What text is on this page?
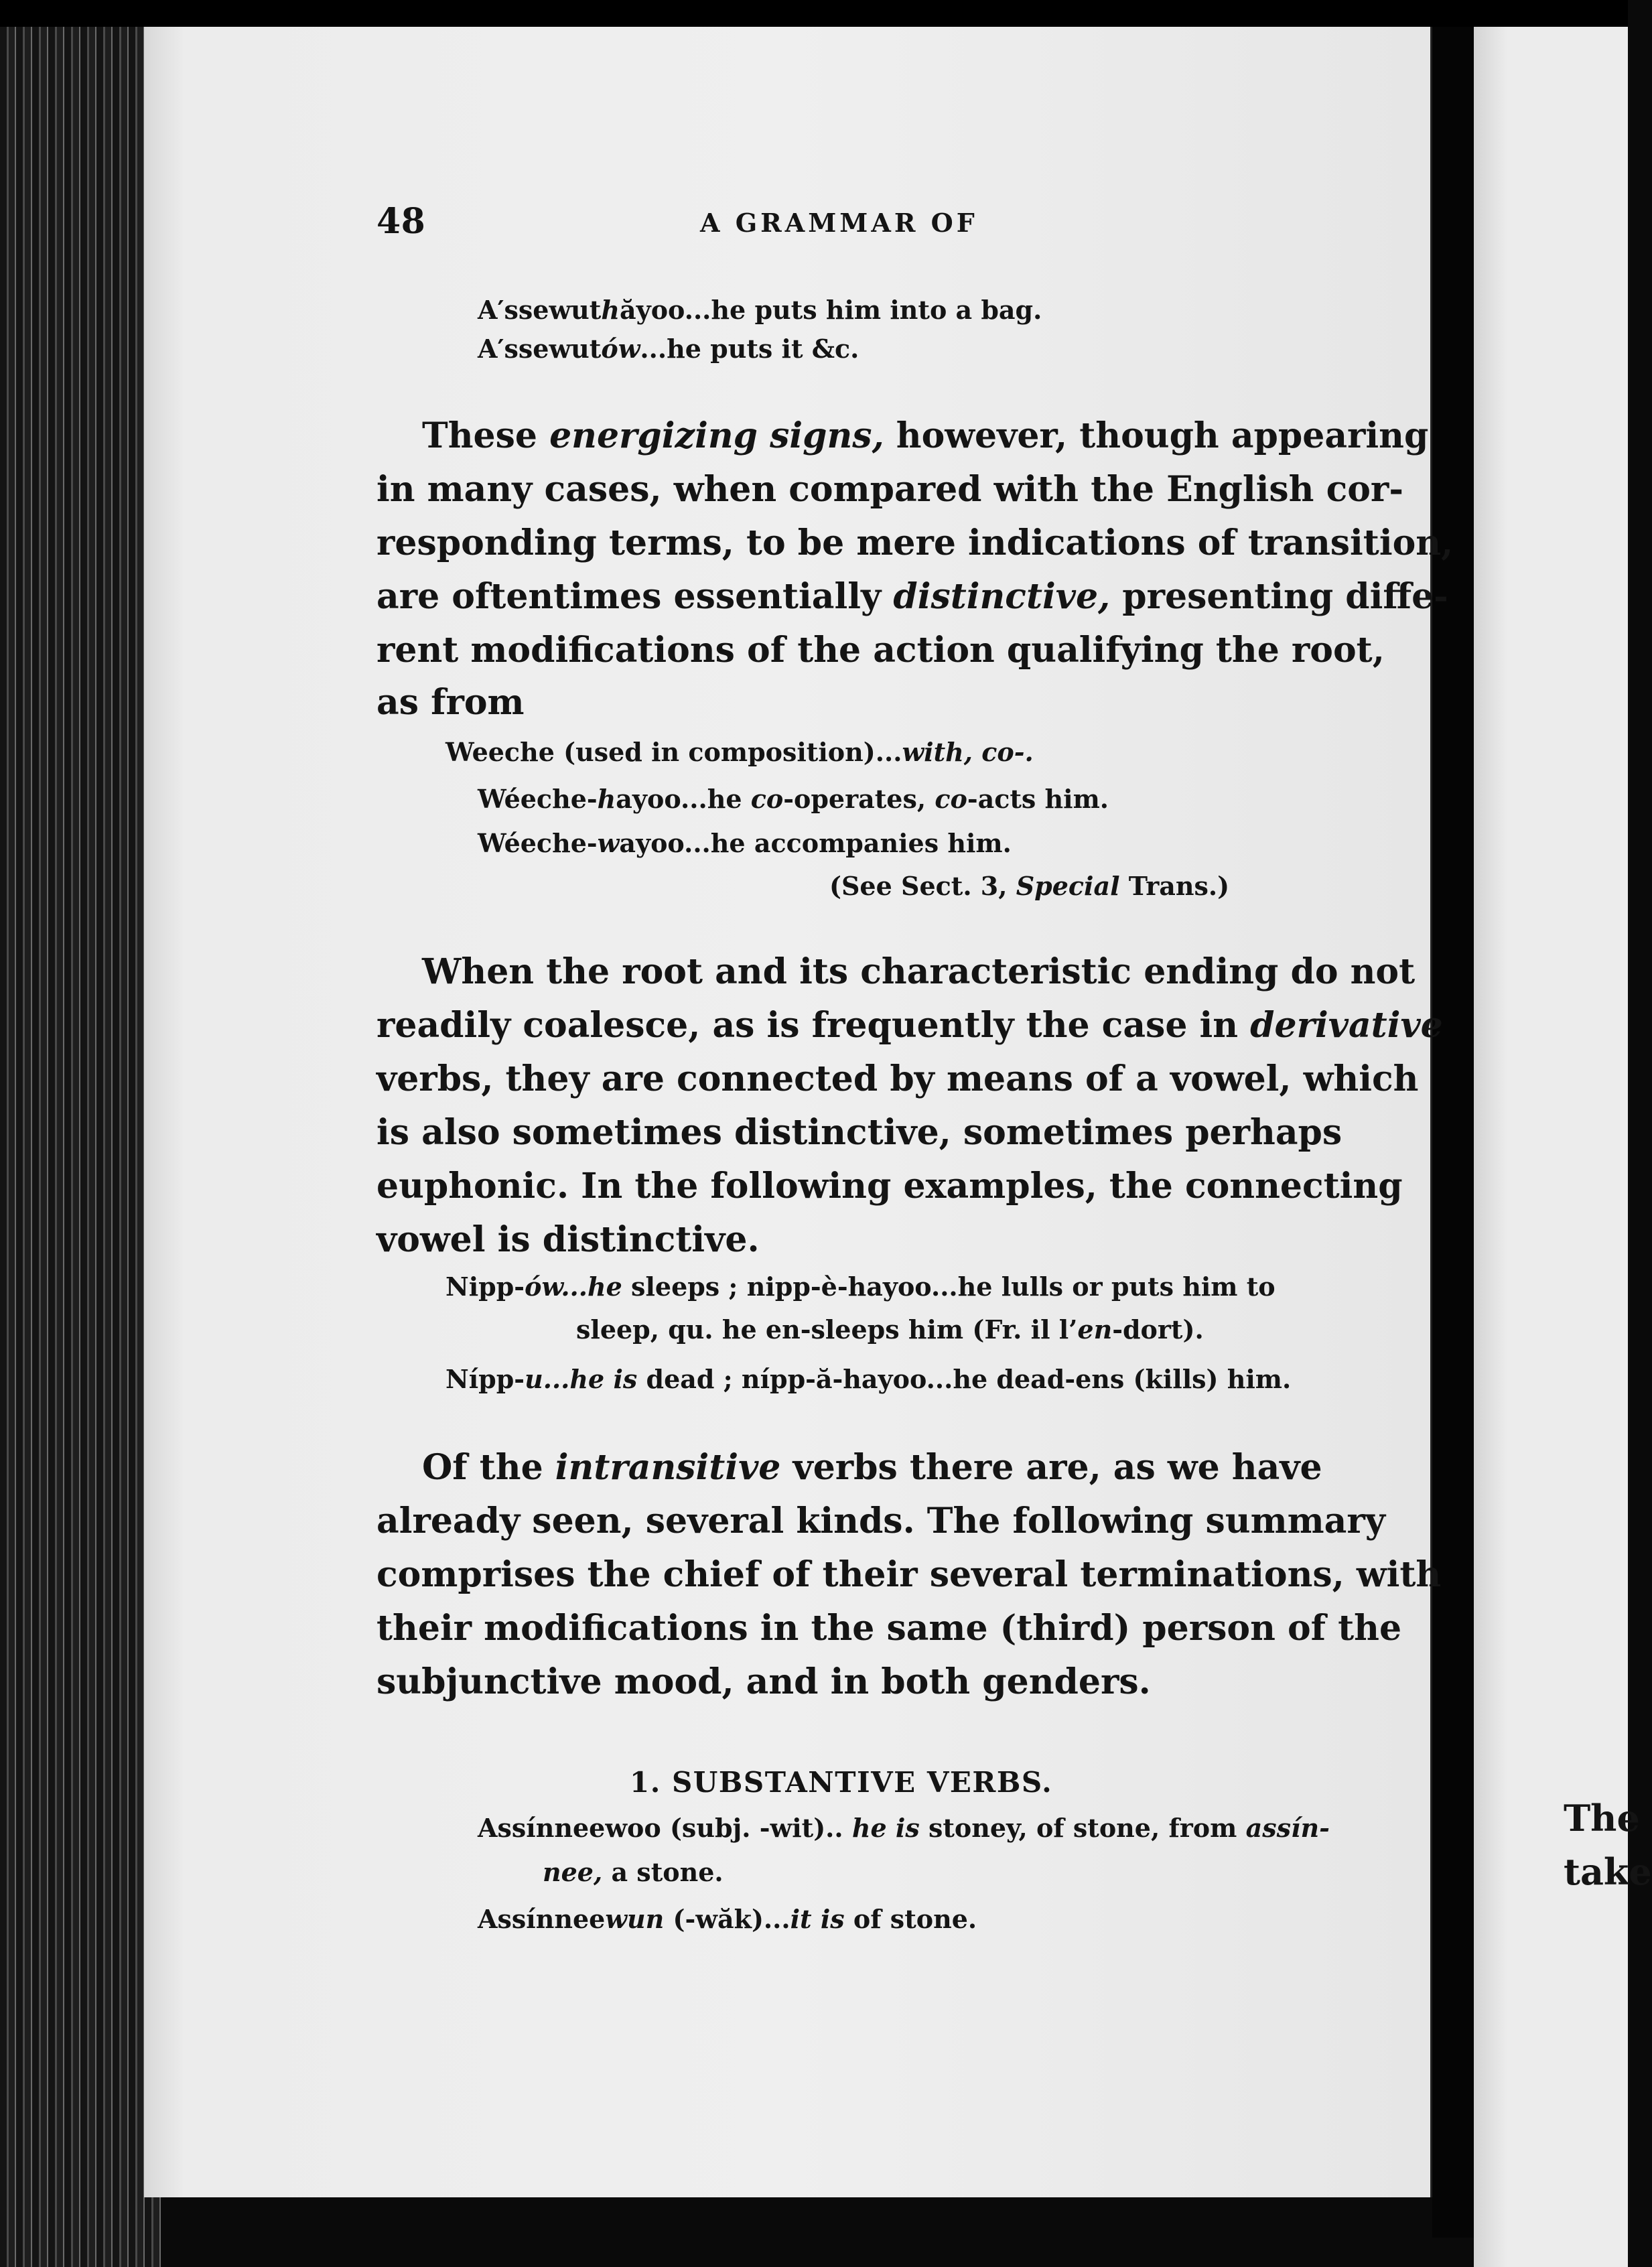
48	A GRAMMAR OF

A′ssewuthăyoo...he puts him into a bag.

A′ssewutów...he puts it &c.

These energizing signs, however, though appearing

in many cases, when compared with the English cor-

responding terms, to be mere indications of transition,

are oftentimes essentially distinctive, presenting diffe-

rent modifications of the action qualifying the root,

as from

Weeche (used in composition)...with, co-.

Wéeche-hayoo...he co-operates, co-acts him.

Wéeche-wayoo...he accompanies him.

(See Sect. 3, Special Trans.)

When the root and its characteristic ending do not

readily coalesce, as is frequently the case in derivative

verbs, they are connected by means of a vowel, which

is also sometimes distinctive, sometimes perhaps

euphonic. In the following examples, the connecting

vowel is distinctive.

Nipp-ów...he sleeps ; nipp-è-hayoo...he lulls or puts him to

sleep, qu. he en-sleeps him (Fr. il l’en-dort).

Nípp-u...he is dead ; nípp-ă-hayoo...he dead-ens (kills) him.

Of the intransitive verbs there are, as we have

already seen, several kinds. The following summary

comprises the chief of their several terminations, with

their modifications in the same (third) person of the

subjunctive mood, and in both genders.

1. SUBSTANTIVE VERBS.

Assínneewoo (subj. -wit).. he is stoney, of stone, from assín-

nee, a stone.

Assínneewun (-wăk)...it is of stone.

The

take
